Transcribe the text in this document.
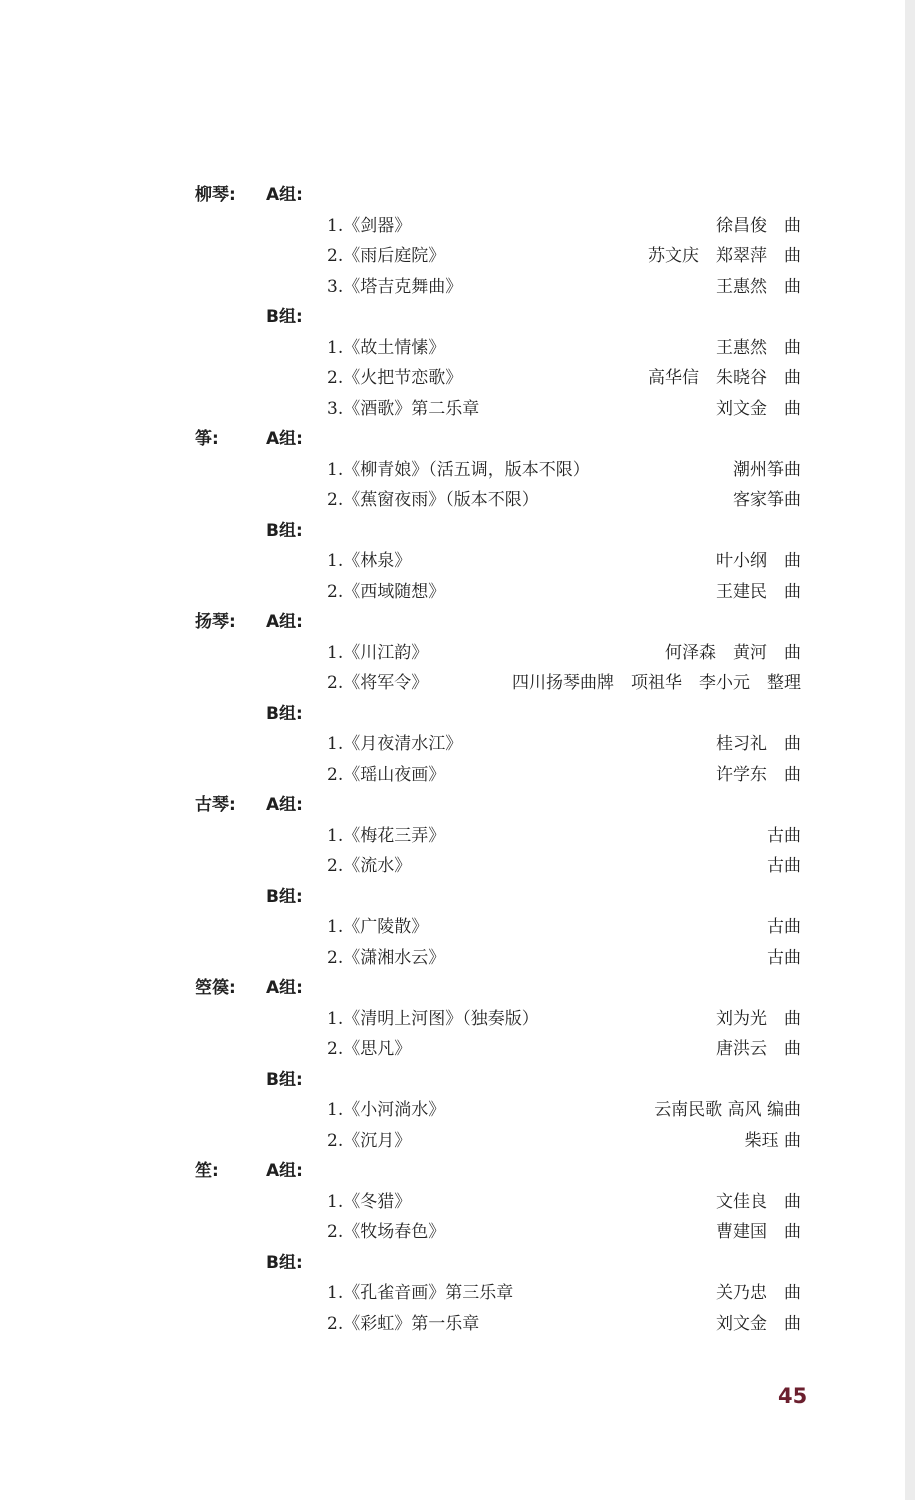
柳琴: A组:
1.《剑器》	徐昌俊　曲
2.《雨后庭院》	苏文庆　郑翠萍　曲
3.《塔吉克舞曲》	王惠然　曲
B组:
1.《故土情愫》	王惠然　曲
2.《火把节恋歌》	高华信　朱晓谷　曲
3.《酒歌》第二乐章	刘文金　曲
筝:	A组:
1.《柳青娘》（活五调，版本不限）	潮州筝曲
2.《蕉窗夜雨》（版本不限）	客家筝曲
B组:
1.《林泉》	叶小纲　曲
2.《西域随想》	王建民　曲
扬琴: A组:
1.《川江韵》	何泽森　黄河　曲
2.《将军令》	四川扬琴曲牌　项祖华　李小元　整理
B组:
1.《月夜清水江》	桂习礼　曲
2.《瑶山夜画》	许学东　曲
古琴: A组:
1.《梅花三弄》	古曲
2.《流水》	古曲
B组:
1.《广陵散》	古曲
2.《潇湘水云》	古曲
箜篌: A组:
1.《清明上河图》（独奏版）	刘为光　曲
2.《思凡》	唐洪云　曲
B组:
1.《小河淌水》	云南民歌 高风 编曲
2.《沉月》	柴珏 曲
笙:	A组:
1.《冬猎》	文佳良　曲
2.《牧场春色》	曹建国　曲
B组:
1.《孔雀音画》第三乐章	关乃忠　曲
2.《彩虹》第一乐章	刘文金　曲
45
